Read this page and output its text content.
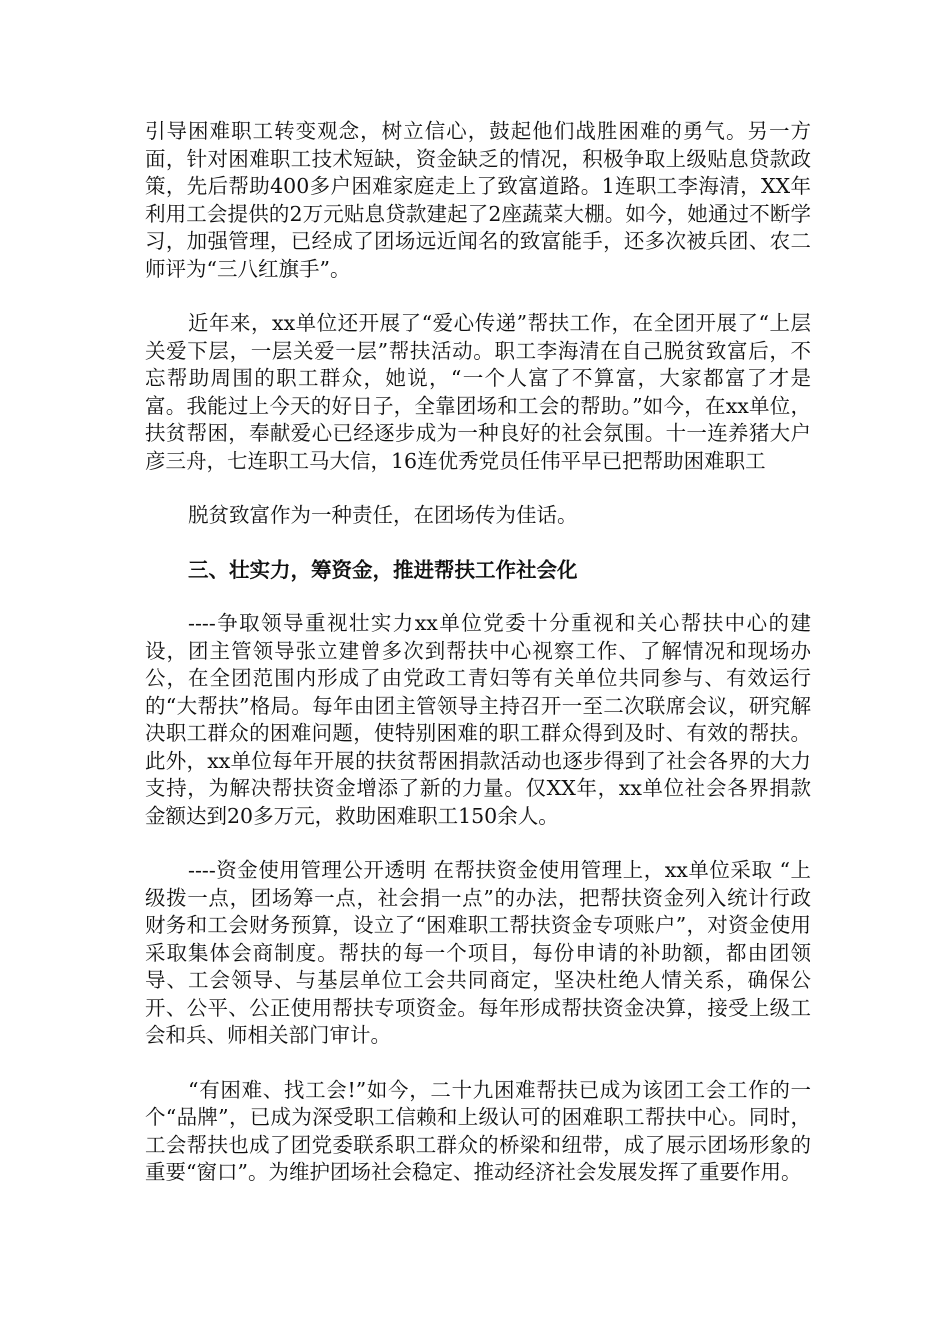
引导困难职工转变观念，树立信心，鼓起他们战胜困难的勇气。另一方面，针对困难职工技术短缺，资金缺乏的情况，积极争取上级贴息贷款政策，先后帮助400多户困难家庭走上了致富道路。1连职工李海清，XX年利用工会提供的2万元贴息贷款建起了2座蔬菜大棚。如今，她通过不断学习，加强管理，已经成了团场远近闻名的致富能手，还多次被兵团、农二师评为“三八红旗手”。

近年来，xx单位还开展了“爱心传递”帮扶工作，在全团开展了“上层关爱下层，一层关爱一层”帮扶活动。职工李海清在自己脱贫致富后，不忘帮助周围的职工群众，她说，“一个人富了不算富，大家都富了才是富。我能过上今天的好日子，全靠团场和工会的帮助。”如今，在xx单位，扶贫帮困，奉献爱心已经逐步成为一种良好的社会氛围。十一连养猪大户彦三舟，七连职工马大信，16连优秀党员任伟平早已把帮助困难职工

脱贫致富作为一种责任，在团场传为佳话。

三、壮实力，筹资金，推进帮扶工作社会化

----争取领导重视壮实力xx单位党委十分重视和关心帮扶中心的建设，团主管领导张立建曾多次到帮扶中心视察工作、了解情况和现场办公，在全团范围内形成了由党政工青妇等有关单位共同参与、有效运行的“大帮扶”格局。每年由团主管领导主持召开一至二次联席会议，研究解决职工群众的困难问题，使特别困难的职工群众得到及时、有效的帮扶。此外，xx单位每年开展的扶贫帮困捐款活动也逐步得到了社会各界的大力支持，为解决帮扶资金增添了新的力量。仅XX年，xx单位社会各界捐款金额达到20多万元，救助困难职工150余人。

----资金使用管理公开透明 在帮扶资金使用管理上，xx单位采取 “上级拨一点，团场筹一点，社会捐一点”的办法，把帮扶资金列入统计行政财务和工会财务预算，设立了“困难职工帮扶资金专项账户”，对资金使用采取集体会商制度。帮扶的每一个项目，每份申请的补助额，都由团领导、工会领导、与基层单位工会共同商定，坚决杜绝人情关系，确保公开、公平、公正使用帮扶专项资金。每年形成帮扶资金决算，接受上级工会和兵、师相关部门审计。

“有困难、找工会!”如今，二十九困难帮扶已成为该团工会工作的一个“品牌”，已成为深受职工信赖和上级认可的困难职工帮扶中心。同时，工会帮扶也成了团党委联系职工群众的桥梁和纽带，成了展示团场形象的重要“窗口”。为维护团场社会稳定、推动经济社会发展发挥了重要作用。
